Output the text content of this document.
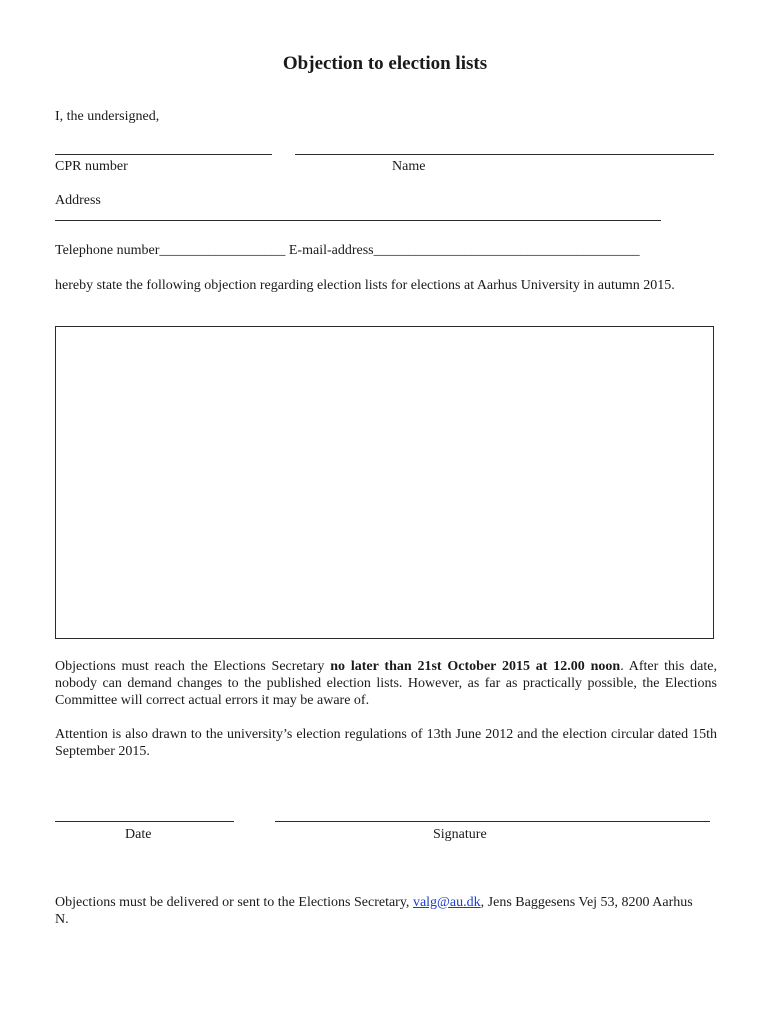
Objection to election lists
I, the undersigned,
CPR number	Name
Address
Telephone number__________________ E-mail-address______________________________________
hereby state the following objection regarding election lists for elections at Aarhus University in autumn 2015.
Objections must reach the Elections Secretary no later than 21st October 2015 at 12.00 noon. After this date, nobody can demand changes to the published election lists. However, as far as practically possible, the Elections Committee will correct actual errors it may be aware of.
Attention is also drawn to the university’s election regulations of 13th June 2012 and the election circular dated 15th September 2015.
Date	Signature
Objections must be delivered or sent to the Elections Secretary, valg@au.dk, Jens Baggesens Vej 53, 8200 Aarhus N.
